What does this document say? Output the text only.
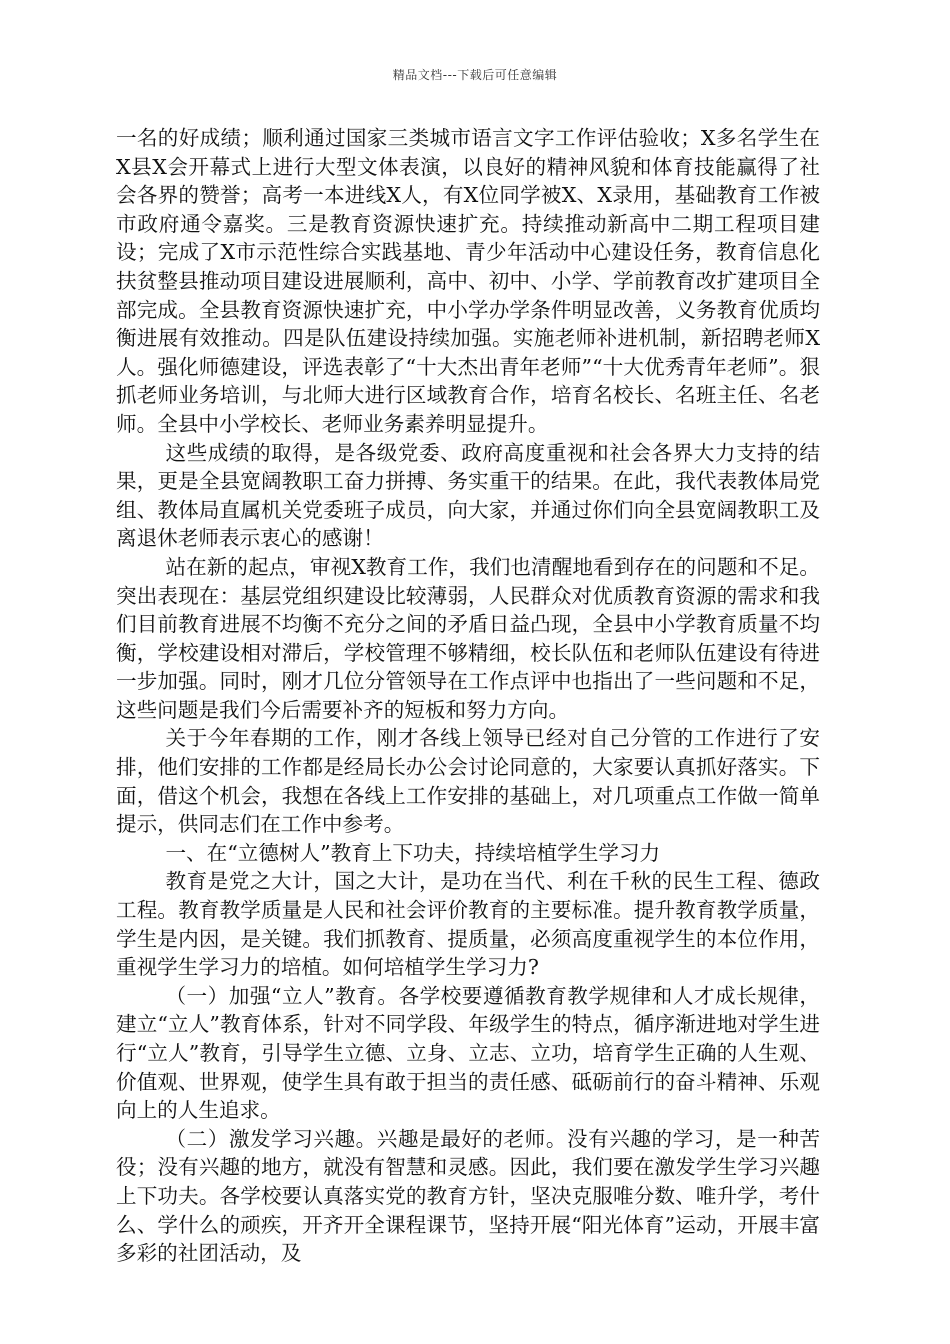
精品文档---下载后可任意编辑

一名的好成绩；顺利通过国家三类城市语言文字工作评估验收；X多名学生在X县X会开幕式上进行大型文体表演，以良好的精神风貌和体育技能赢得了社会各界的赞誉；高考一本进线X人，有X位同学被X、X录用，基础教育工作被市政府通令嘉奖。三是教育资源快速扩充。持续推动新高中二期工程项目建设；完成了X市示范性综合实践基地、青少年活动中心建设任务，教育信息化扶贫整县推动项目建设进展顺利，高中、初中、小学、学前教育改扩建项目全部完成。全县教育资源快速扩充，中小学办学条件明显改善，义务教育优质均衡进展有效推动。四是队伍建设持续加强。实施老师补进机制，新招聘老师X人。强化师德建设，评选表彰了“十大杰出青年老师”“十大优秀青年老师”。狠抓老师业务培训，与北师大进行区域教育合作，培育名校长、名班主任、名老师。全县中小学校长、老师业务素养明显提升。

这些成绩的取得，是各级党委、政府高度重视和社会各界大力支持的结果，更是全县宽阔教职工奋力拼搏、务实重干的结果。在此，我代表教体局党组、教体局直属机关党委班子成员，向大家，并通过你们向全县宽阔教职工及离退休老师表示衷心的感谢！

站在新的起点，审视X教育工作，我们也清醒地看到存在的问题和不足。突出表现在：基层党组织建设比较薄弱，人民群众对优质教育资源的需求和我们目前教育进展不均衡不充分之间的矛盾日益凸现，全县中小学教育质量不均衡，学校建设相对滞后，学校管理不够精细，校长队伍和老师队伍建设有待进一步加强。同时，刚才几位分管领导在工作点评中也指出了一些问题和不足，这些问题是我们今后需要补齐的短板和努力方向。

关于今年春期的工作，刚才各线上领导已经对自己分管的工作进行了安排，他们安排的工作都是经局长办公会讨论同意的，大家要认真抓好落实。下面，借这个机会，我想在各线上工作安排的基础上，对几项重点工作做一简单提示，供同志们在工作中参考。

一、在“立德树人”教育上下功夫，持续培植学生学习力

教育是党之大计，国之大计，是功在当代、利在千秋的民生工程、德政工程。教育教学质量是人民和社会评价教育的主要标准。提升教育教学质量，学生是内因，是关键。我们抓教育、提质量，必须高度重视学生的本位作用，重视学生学习力的培植。如何培植学生学习力?

（一）加强“立人”教育。各学校要遵循教育教学规律和人才成长规律，建立“立人”教育体系，针对不同学段、年级学生的特点，循序渐进地对学生进行“立人”教育，引导学生立德、立身、立志、立功，培育学生正确的人生观、价值观、世界观，使学生具有敢于担当的责任感、砥砺前行的奋斗精神、乐观向上的人生追求。

（二）激发学习兴趣。兴趣是最好的老师。没有兴趣的学习，是一种苦役；没有兴趣的地方，就没有智慧和灵感。因此，我们要在激发学生学习兴趣上下功夫。各学校要认真落实党的教育方针，坚决克服唯分数、唯升学，考什么、学什么的顽疾，开齐开全课程课节，坚持开展“阳光体育”运动，开展丰富多彩的社团活动，及
